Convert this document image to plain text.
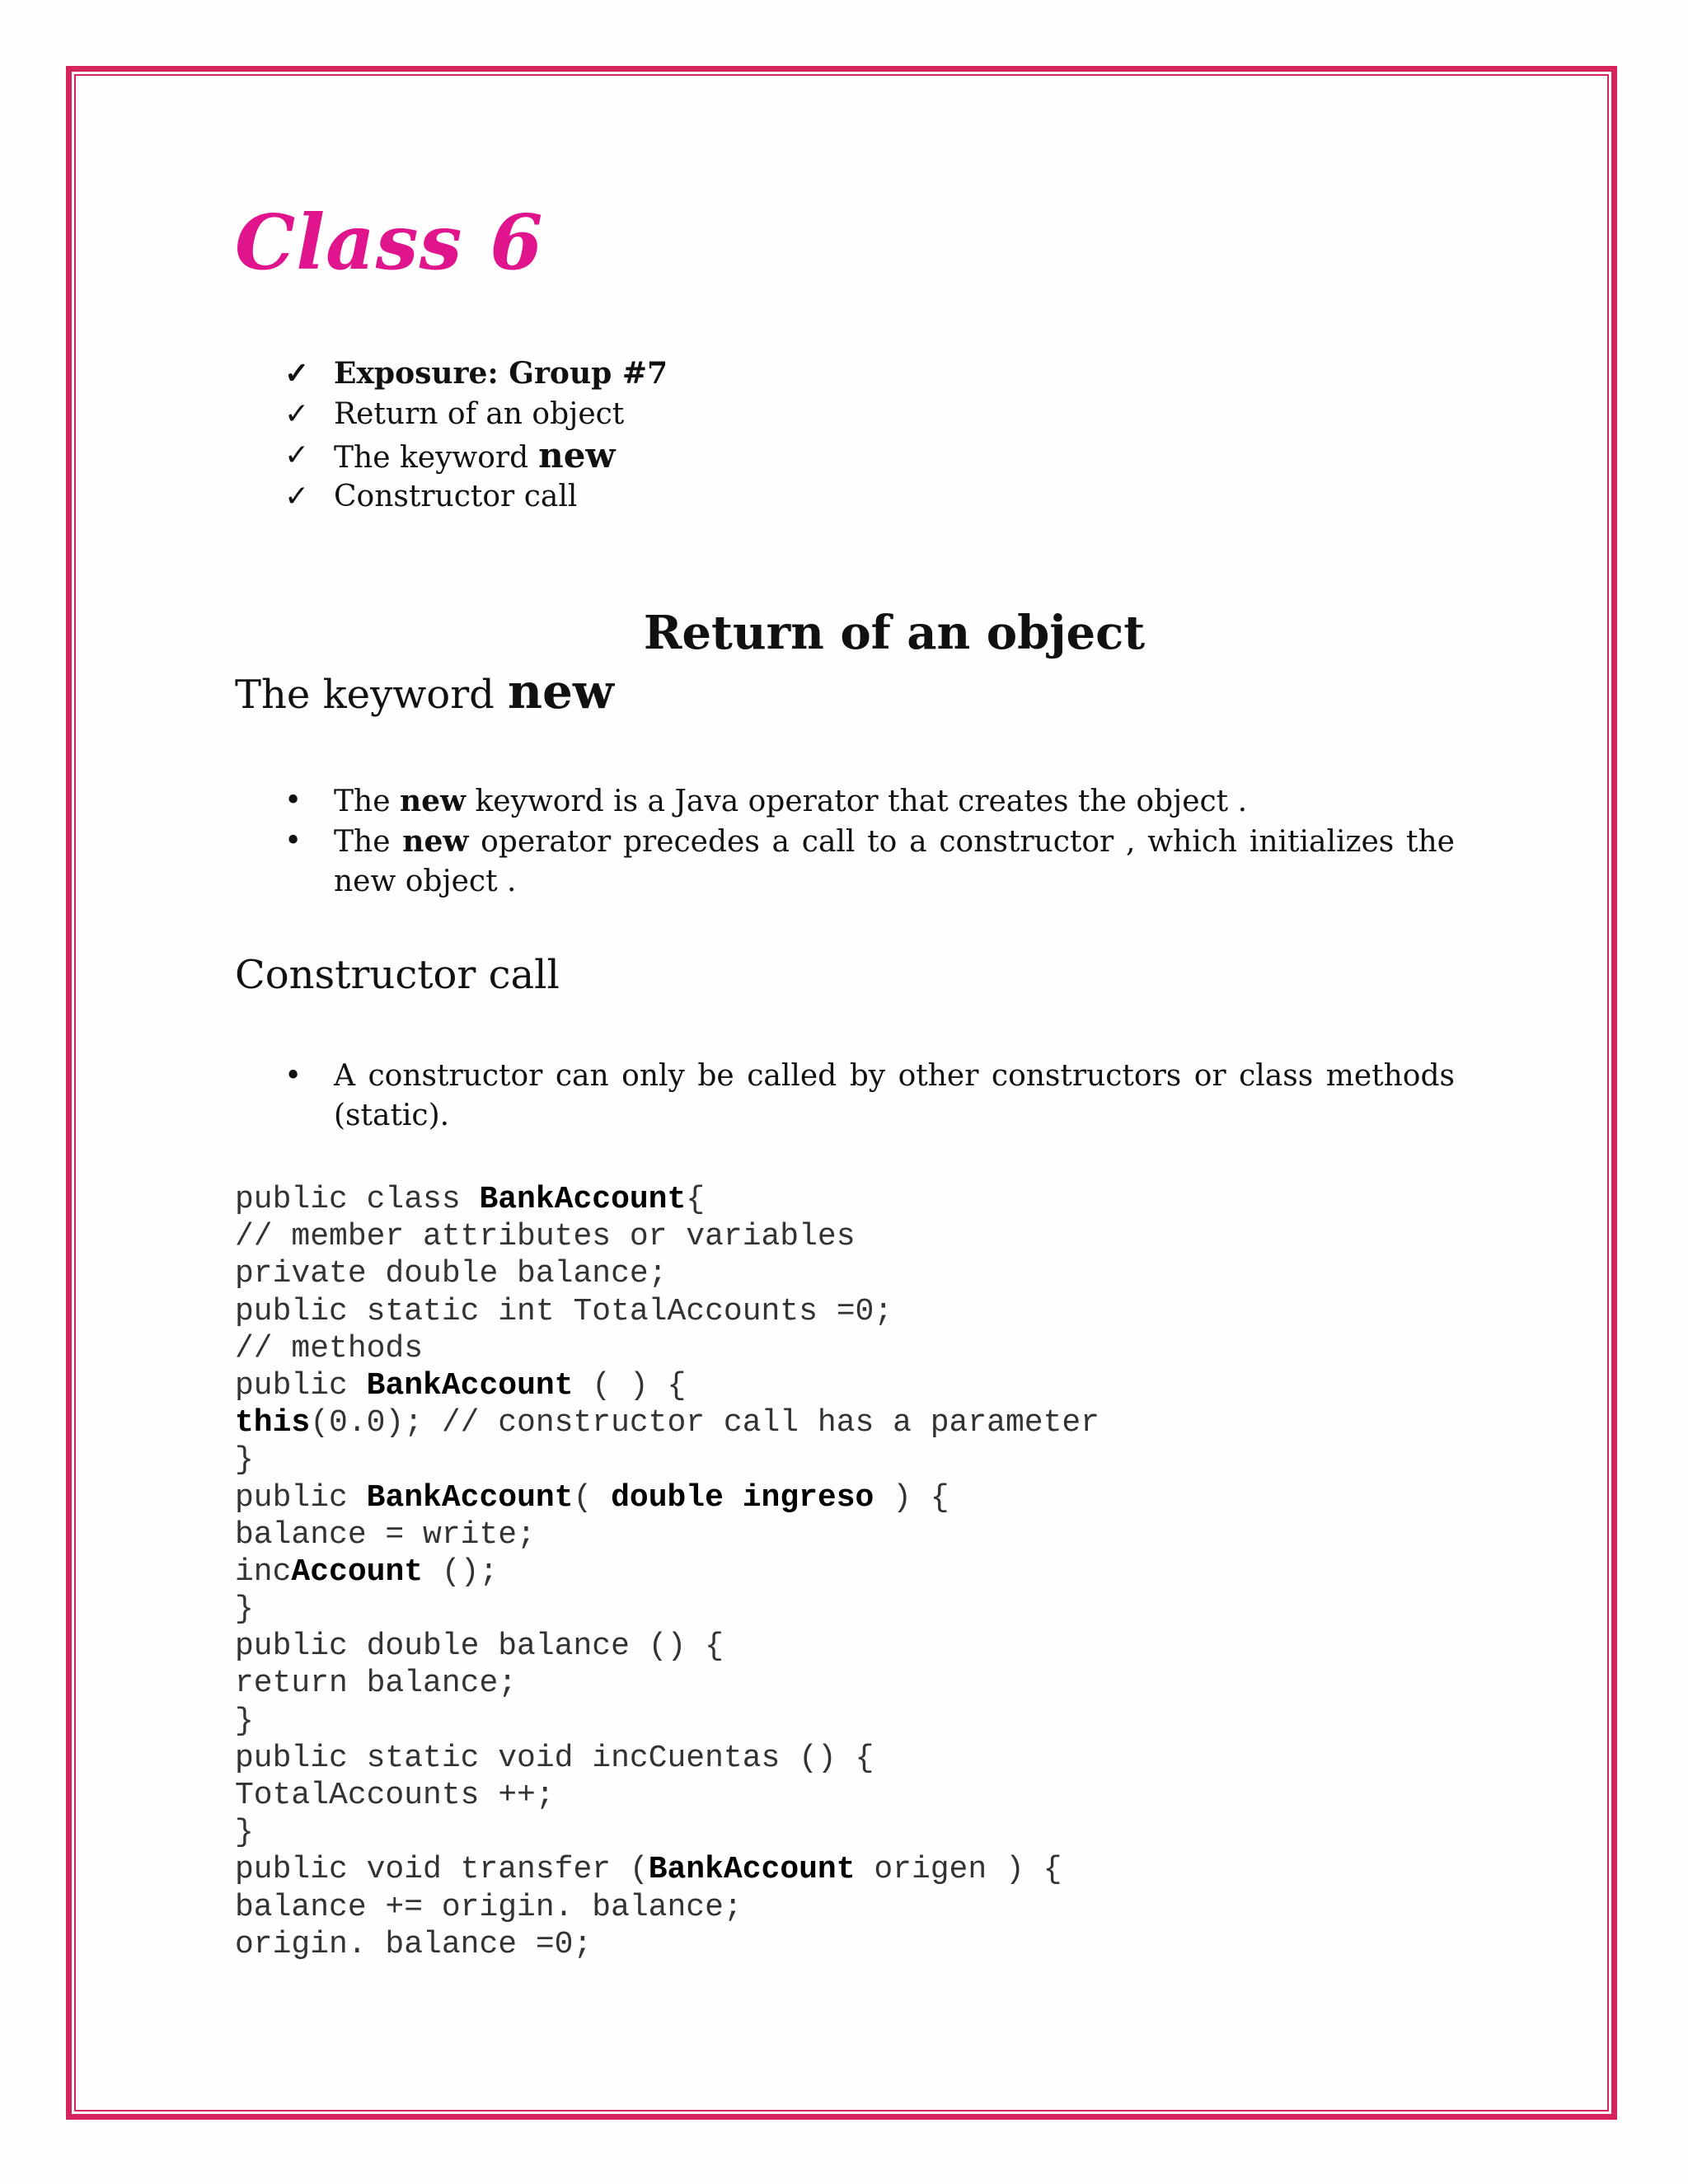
Class 6
✓ Exposure: Group #7
✓ Return of an object
✓ The keyword new
✓ Constructor call
Return of an object
The keyword new
• The new keyword is a Java operator that creates the object .
• The new operator precedes a call to a constructor , which initializes the new object .
Constructor call
• A constructor can only be called by other constructors or class methods (static).
public class BankAccount{
// member attributes or variables
private double balance;
public static int TotalAccounts =0;
// methods
public BankAccount ( ) {
this(0.0); // constructor call has a parameter
}
public BankAccount( double ingreso ) {
balance = write;
incAccount ();
}
public double balance () {
return balance;
}
public static void incCuentas () {
TotalAccounts ++;
}
public void transfer (BankAccount origen ) {
balance += origin. balance;
origin. balance =0;
